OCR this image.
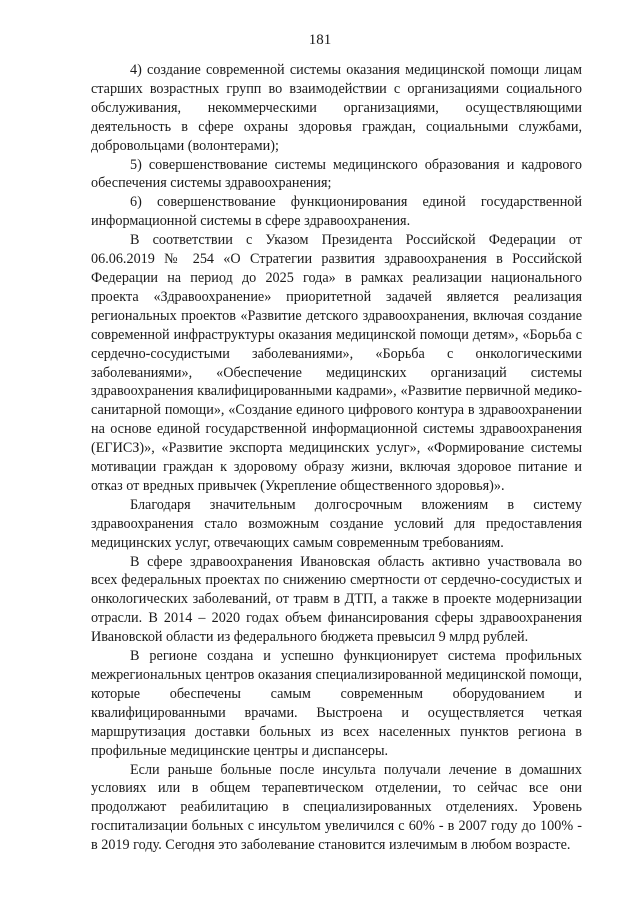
181

4) создание современной системы оказания медицинской помощи лицам старших возрастных групп во взаимодействии с организациями социального обслуживания, некоммерческими организациями, осуществляющими деятельность в сфере охраны здоровья граждан, социальными службами, добровольцами (волонтерами);

5) совершенствование системы медицинского образования и кадрового обеспечения системы здравоохранения;

6) совершенствование функционирования единой государственной информационной системы в сфере здравоохранения.

В соответствии с Указом Президента Российской Федерации от 06.06.2019 № 254 «О Стратегии развития здравоохранения в Российской Федерации на период до 2025 года» в рамках реализации национального проекта «Здравоохранение» приоритетной задачей является реализация региональных проектов «Развитие детского здравоохранения, включая создание современной инфраструктуры оказания медицинской помощи детям», «Борьба с сердечно-сосудистыми заболеваниями», «Борьба с онкологическими заболеваниями», «Обеспечение медицинских организаций системы здравоохранения квалифицированными кадрами», «Развитие первичной медико-санитарной помощи», «Создание единого цифрового контура в здравоохранении на основе единой государственной информационной системы здравоохранения (ЕГИСЗ)», «Развитие экспорта медицинских услуг», «Формирование системы мотивации граждан к здоровому образу жизни, включая здоровое питание и отказ от вредных привычек (Укрепление общественного здоровья)».

Благодаря значительным долгосрочным вложениям в систему здравоохранения стало возможным создание условий для предоставления медицинских услуг, отвечающих самым современным требованиям.

В сфере здравоохранения Ивановская область активно участвовала во всех федеральных проектах по снижению смертности от сердечно-сосудистых и онкологических заболеваний, от травм в ДТП, а также в проекте модернизации отрасли. В 2014 – 2020 годах объем финансирования сферы здравоохранения Ивановской области из федерального бюджета превысил 9 млрд рублей.

В регионе создана и успешно функционирует система профильных межрегиональных центров оказания специализированной медицинской помощи, которые обеспечены самым современным оборудованием и квалифицированными врачами. Выстроена и осуществляется четкая маршрутизация доставки больных из всех населенных пунктов региона в профильные медицинские центры и диспансеры.

Если раньше больные после инсульта получали лечение в домашних условиях или в общем терапевтическом отделении, то сейчас все они продолжают реабилитацию в специализированных отделениях. Уровень госпитализации больных с инсультом увеличился с 60% - в 2007 году до 100% - в 2019 году. Сегодня это заболевание становится излечимым в любом возрасте.
